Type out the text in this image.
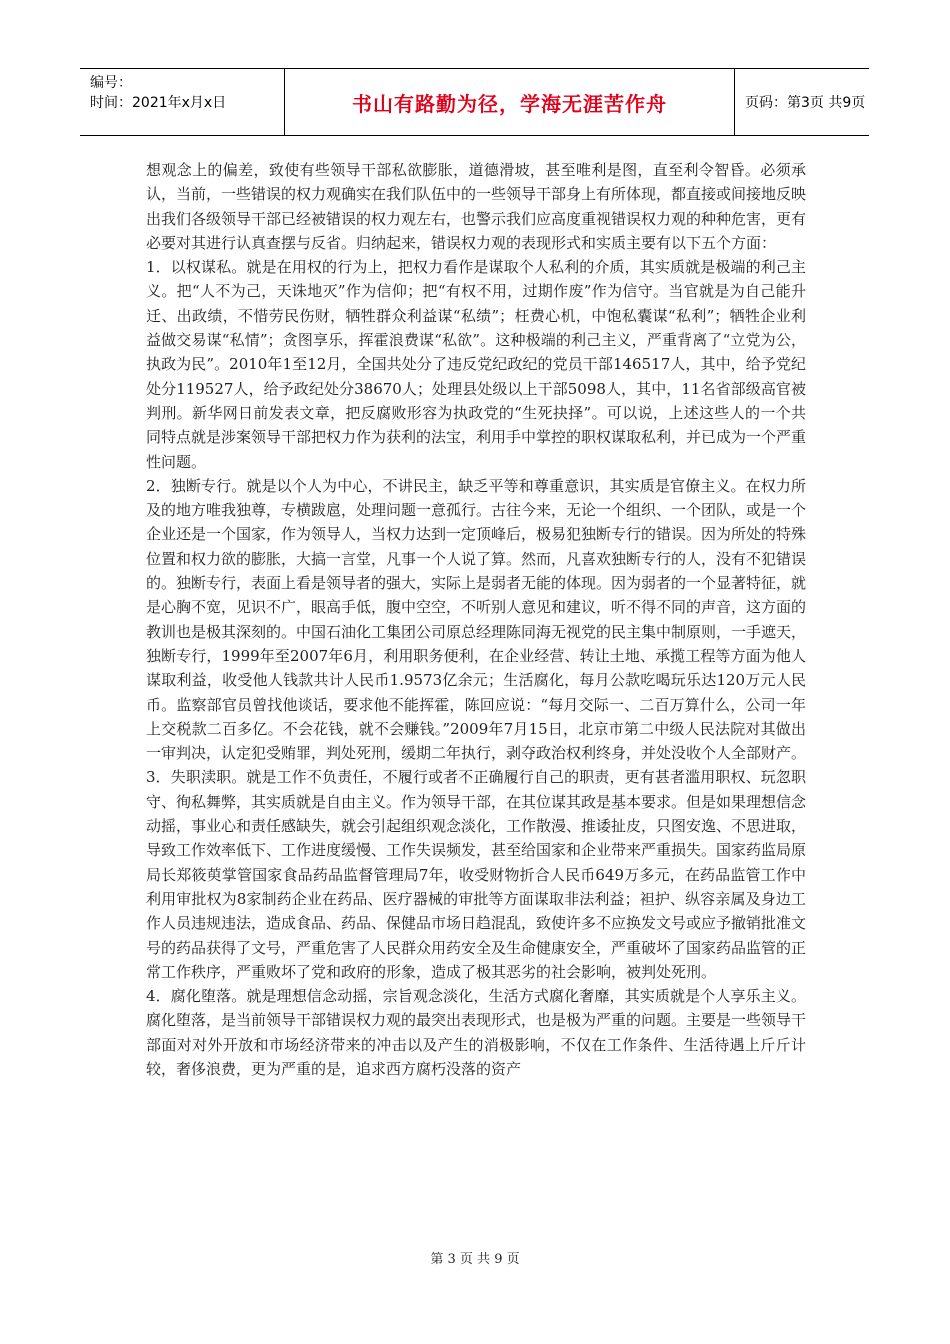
编号：
时间：2021年x月x日	书山有路勤为径，学海无涯苦作舟	页码：第3页 共9页

想观念上的偏差，致使有些领导干部私欲膨胀，道德滑坡，甚至唯利是图，直至利令智昏。必须承认，当前，一些错误的权力观确实在我们队伍中的一些领导干部身上有所体现，都直接或间接地反映出我们各级领导干部已经被错误的权力观左右，也警示我们应高度重视错误权力观的种种危害，更有必要对其进行认真查摆与反省。归纳起来，错误权力观的表现形式和实质主要有以下五个方面：

1．以权谋私。就是在用权的行为上，把权力看作是谋取个人私利的介质，其实质就是极端的利己主义。把“人不为己，天诛地灭”作为信仰；把“有权不用，过期作废”作为信守。当官就是为自己能升迁、出政绩，不惜劳民伤财，牺牲群众利益谋“私绩”；枉费心机，中饱私囊谋“私利”；牺牲企业利益做交易谋“私情”；贪图享乐，挥霍浪费谋“私欲”。这种极端的利己主义，严重背离了“立党为公，执政为民”。2010年1至12月，全国共处分了违反党纪政纪的党员干部146517人，其中，给予党纪处分119527人，给予政纪处分38670人；处理县处级以上干部5098人，其中，11名省部级高官被判刑。新华网日前发表文章，把反腐败形容为执政党的“生死抉择”。可以说，上述这些人的一个共同特点就是涉案领导干部把权力作为获利的法宝，利用手中掌控的职权谋取私利，并已成为一个严重性问题。

2．独断专行。就是以个人为中心，不讲民主，缺乏平等和尊重意识，其实质是官僚主义。在权力所及的地方唯我独尊，专横跋扈，处理问题一意孤行。古往今来，无论一个组织、一个团队，或是一个企业还是一个国家，作为领导人，当权力达到一定顶峰后，极易犯独断专行的错误。因为所处的特殊位置和权力欲的膨胀，大搞一言堂，凡事一个人说了算。然而，凡喜欢独断专行的人，没有不犯错误的。独断专行，表面上看是领导者的强大，实际上是弱者无能的体现。因为弱者的一个显著特征，就是心胸不宽，见识不广，眼高手低，腹中空空，不听别人意见和建议，听不得不同的声音，这方面的教训也是极其深刻的。中国石油化工集团公司原总经理陈同海无视党的民主集中制原则，一手遮天，独断专行，1999年至2007年6月，利用职务便利，在企业经营、转让土地、承揽工程等方面为他人谋取利益，收受他人钱款共计人民币1.9573亿余元；生活腐化，每月公款吃喝玩乐达120万元人民币。监察部官员曾找他谈话，要求他不能挥霍，陈回应说：“每月交际一、二百万算什么，公司一年上交税款二百多亿。不会花钱，就不会赚钱。”2009年7月15日，北京市第二中级人民法院对其做出一审判决，认定犯受贿罪，判处死刑，缓期二年执行，剥夺政治权利终身，并处没收个人全部财产。

3．失职渎职。就是工作不负责任，不履行或者不正确履行自己的职责，更有甚者滥用职权、玩忽职守、徇私舞弊，其实质就是自由主义。作为领导干部，在其位谋其政是基本要求。但是如果理想信念动摇，事业心和责任感缺失，就会引起组织观念淡化，工作散漫、推诿扯皮，只图安逸、不思进取，导致工作效率低下、工作进度缓慢、工作失误频发，甚至给国家和企业带来严重损失。国家药监局原局长郑筱萸掌管国家食品药品监督管理局7年，收受财物折合人民币649万多元，在药品监管工作中利用审批权为8家制药企业在药品、医疗器械的审批等方面谋取非法利益；袒护、纵容亲属及身边工作人员违规违法，造成食品、药品、保健品市场日趋混乱，致使许多不应换发文号或应予撤销批准文号的药品获得了文号，严重危害了人民群众用药安全及生命健康安全，严重破坏了国家药品监管的正常工作秩序，严重败坏了党和政府的形象，造成了极其恶劣的社会影响，被判处死刑。

4．腐化堕落。就是理想信念动摇，宗旨观念淡化，生活方式腐化奢靡，其实质就是个人享乐主义。腐化堕落，是当前领导干部错误权力观的最突出表现形式，也是极为严重的问题。主要是一些领导干部面对对外开放和市场经济带来的冲击以及产生的消极影响，不仅在工作条件、生活待遇上斤斤计较，奢侈浪费，更为严重的是，追求西方腐朽没落的资产

第 3 页 共 9 页
